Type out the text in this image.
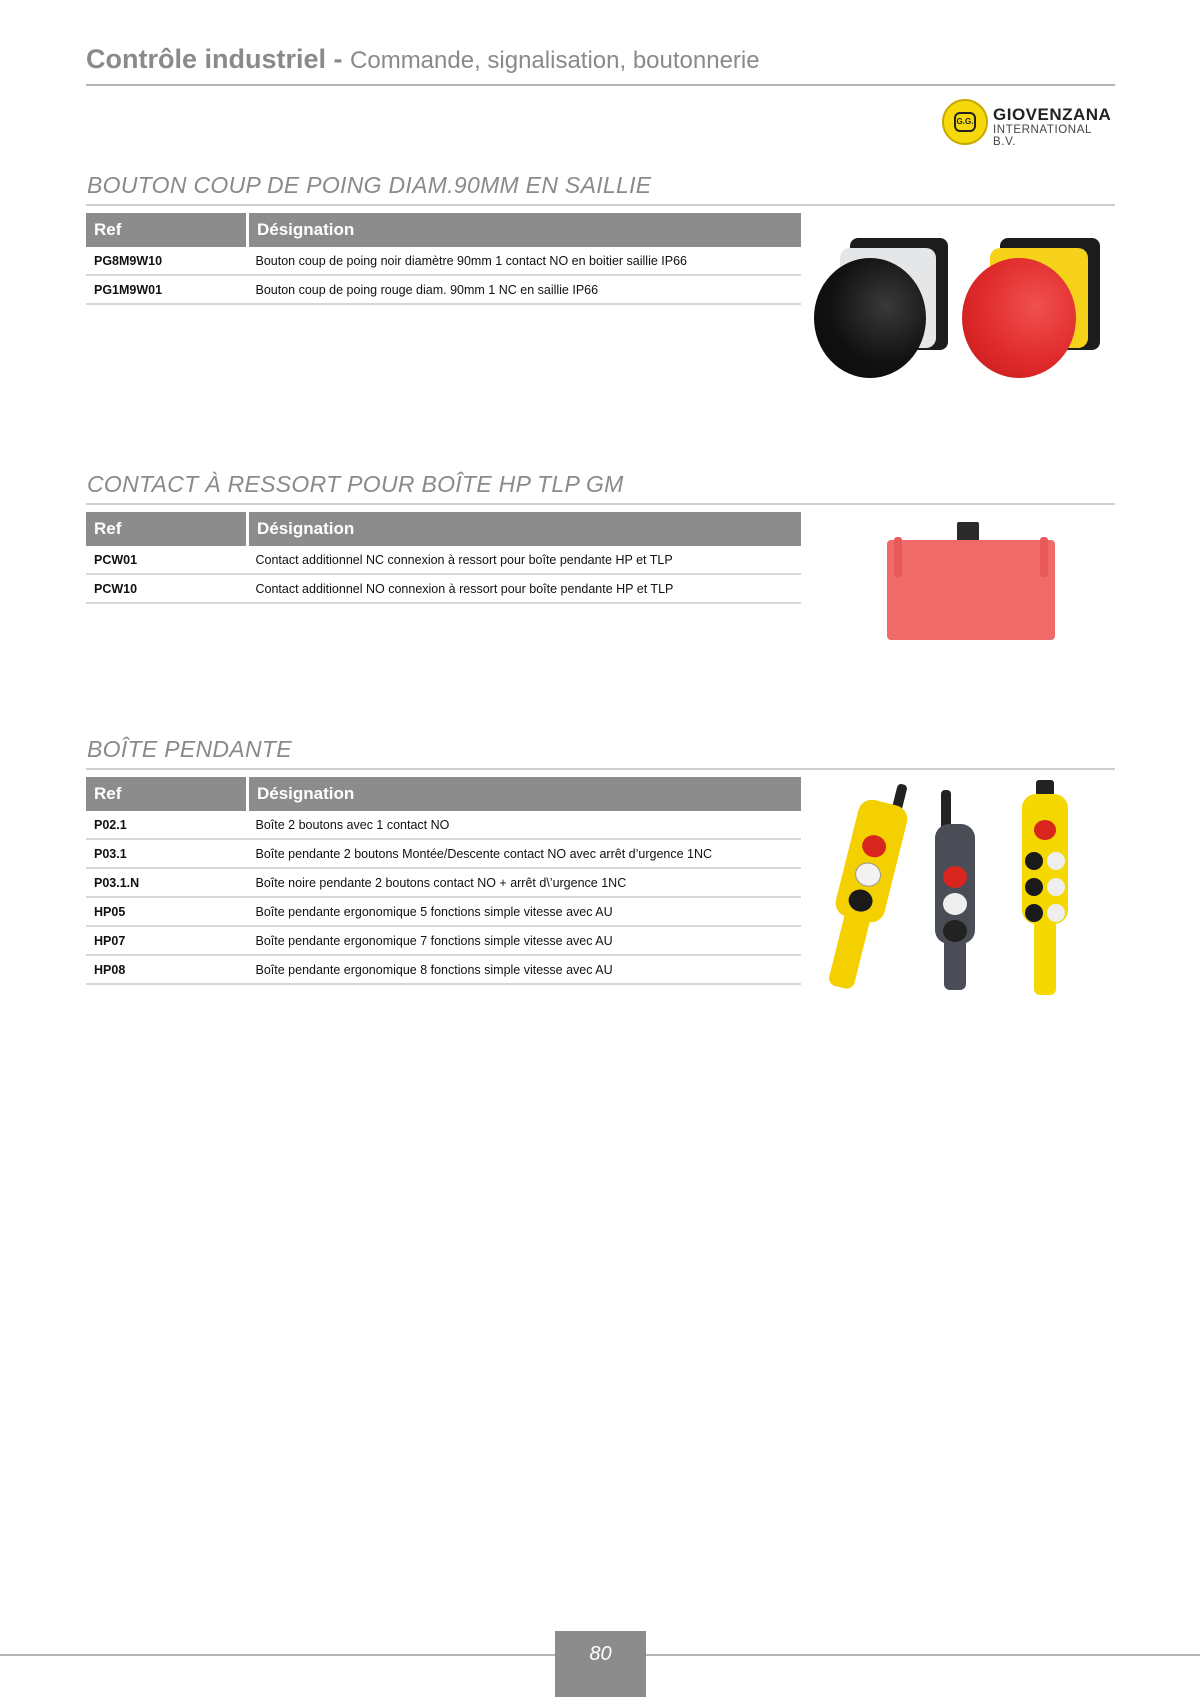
Contrôle industriel - Commande, signalisation, boutonnerie
G.G. GIOVENZANA
INTERNATIONAL B.V.
BOUTON COUP DE POING DIAM.90MM EN SAILLIE
Ref	Désignation
PG8M9W10	Bouton coup de poing noir diamètre 90mm 1 contact NO en boitier saillie IP66
PG1M9W01	Bouton coup de poing rouge diam. 90mm 1 NC en saillie IP66
CONTACT À RESSORT POUR BOÎTE HP TLP GM
Ref	Désignation
PCW01	Contact additionnel NC connexion à ressort pour boîte pendante HP et TLP
PCW10	Contact additionnel NO connexion à ressort pour boîte pendante HP et TLP
BOÎTE PENDANTE
Ref	Désignation
P02.1	Boîte 2 boutons avec 1 contact NO
P03.1	Boîte pendante 2 boutons Montée/Descente contact NO avec arrêt d’urgence 1NC
P03.1.N	Boîte noire pendante 2 boutons contact NO + arrêt d\’urgence 1NC
HP05	Boîte pendante ergonomique 5 fonctions simple vitesse avec AU
HP07	Boîte pendante ergonomique 7 fonctions simple vitesse avec AU
HP08	Boîte pendante ergonomique 8 fonctions simple vitesse avec AU
80
